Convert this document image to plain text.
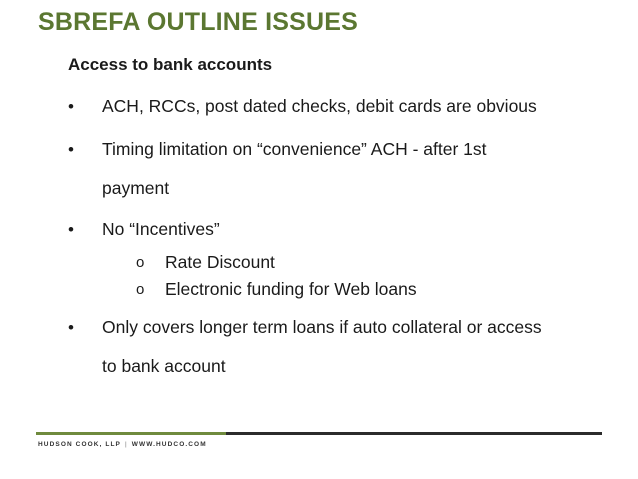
SBREFA OUTLINE ISSUES
Access to bank accounts
• ACH, RCCs, post dated checks, debit cards are obvious
• Timing limitation on “convenience” ACH - after 1st
payment
• No “Incentives”
o Rate Discount
o Electronic funding for Web loans
• Only covers longer term loans if auto collateral or access
to bank account
HUDSON COOK, LLP | WWW.HUDCO.COM
